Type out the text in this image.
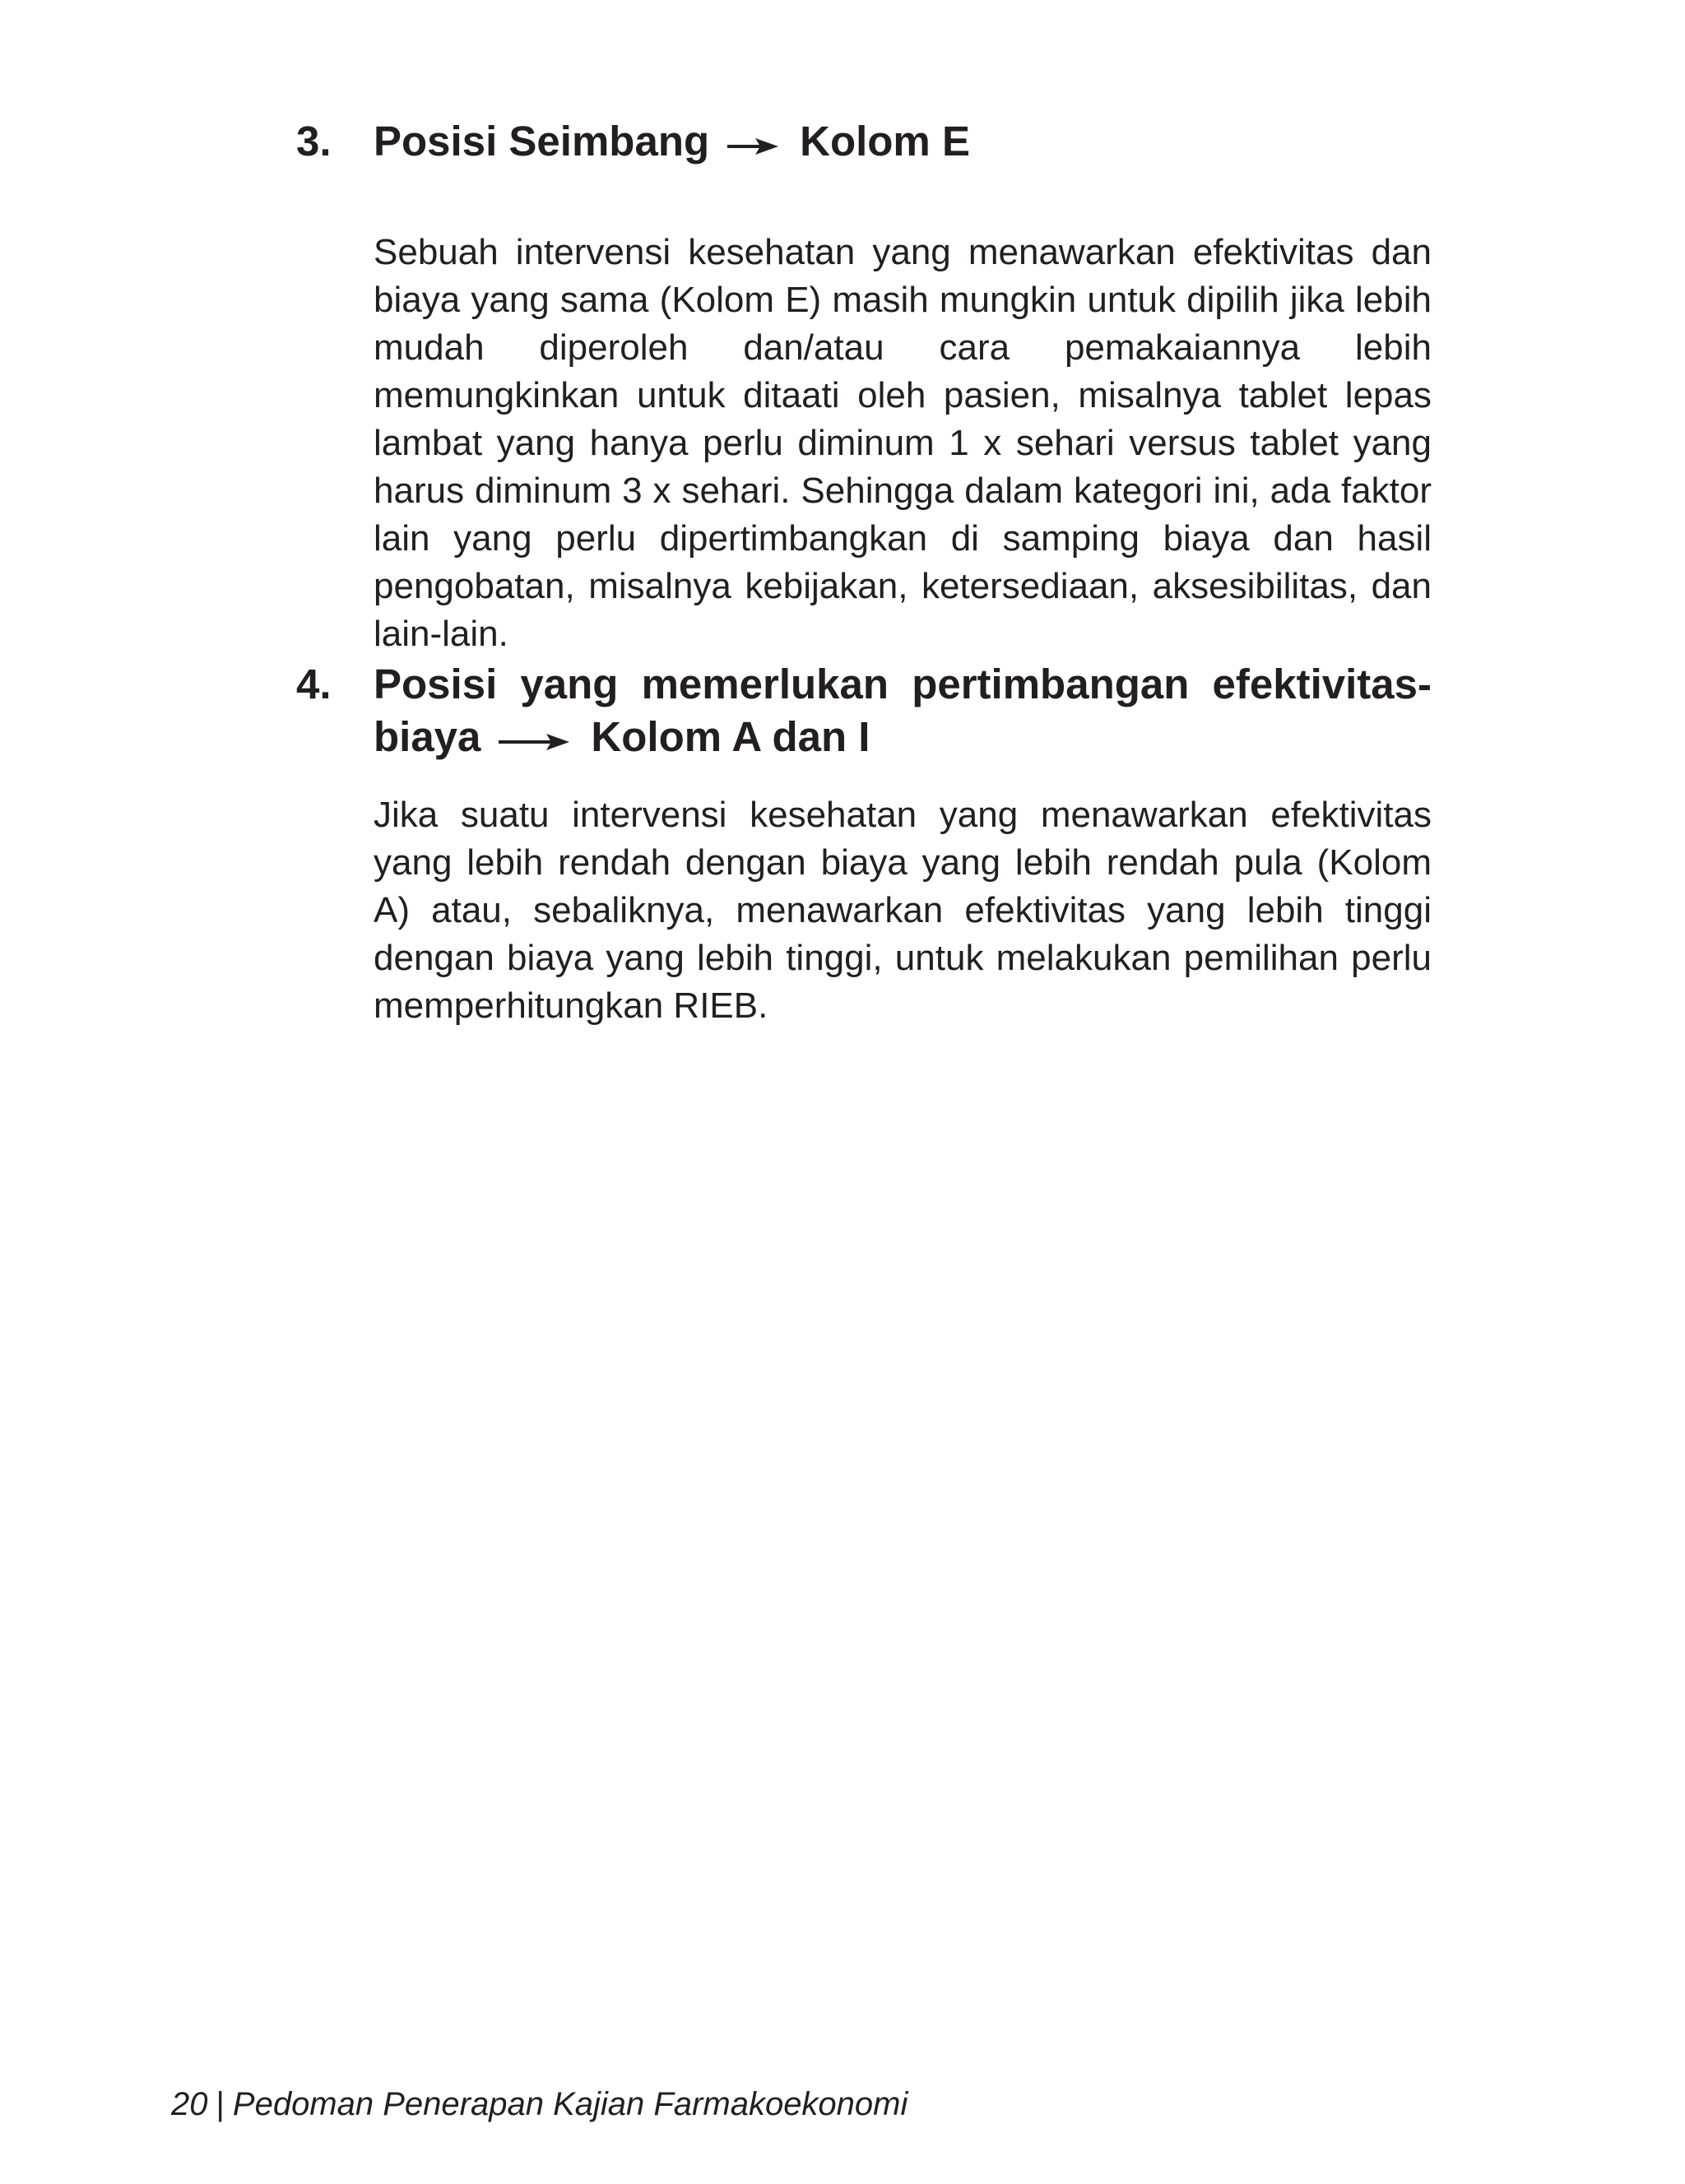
3.	Posisi Seimbang Kolom E
Sebuah intervensi kesehatan yang menawarkan efektivitas dan biaya yang sama (Kolom E) masih mungkin untuk dipilih jika lebih mudah diperoleh dan/atau cara pemakaiannya lebih memungkinkan untuk ditaati oleh pasien, misalnya tablet lepas lambat yang hanya perlu diminum 1 x sehari versus tablet yang harus diminum 3 x sehari. Sehingga dalam kategori ini, ada faktor lain yang perlu dipertimbangkan di samping biaya dan hasil pengobatan, misalnya kebijakan, ketersediaan, aksesibilitas, dan lain-lain.
4.	Posisi yang memerlukan pertimbangan efektivitas-biaya	Kolom A dan I
Jika suatu intervensi kesehatan yang menawarkan efektivitas yang lebih rendah dengan biaya yang lebih rendah pula (Kolom A) atau, sebaliknya, menawarkan efektivitas yang lebih tinggi dengan biaya yang lebih tinggi, untuk melakukan pemilihan perlu memperhitungkan RIEB.
20 | Pedoman Penerapan Kajian Farmakoekonomi
